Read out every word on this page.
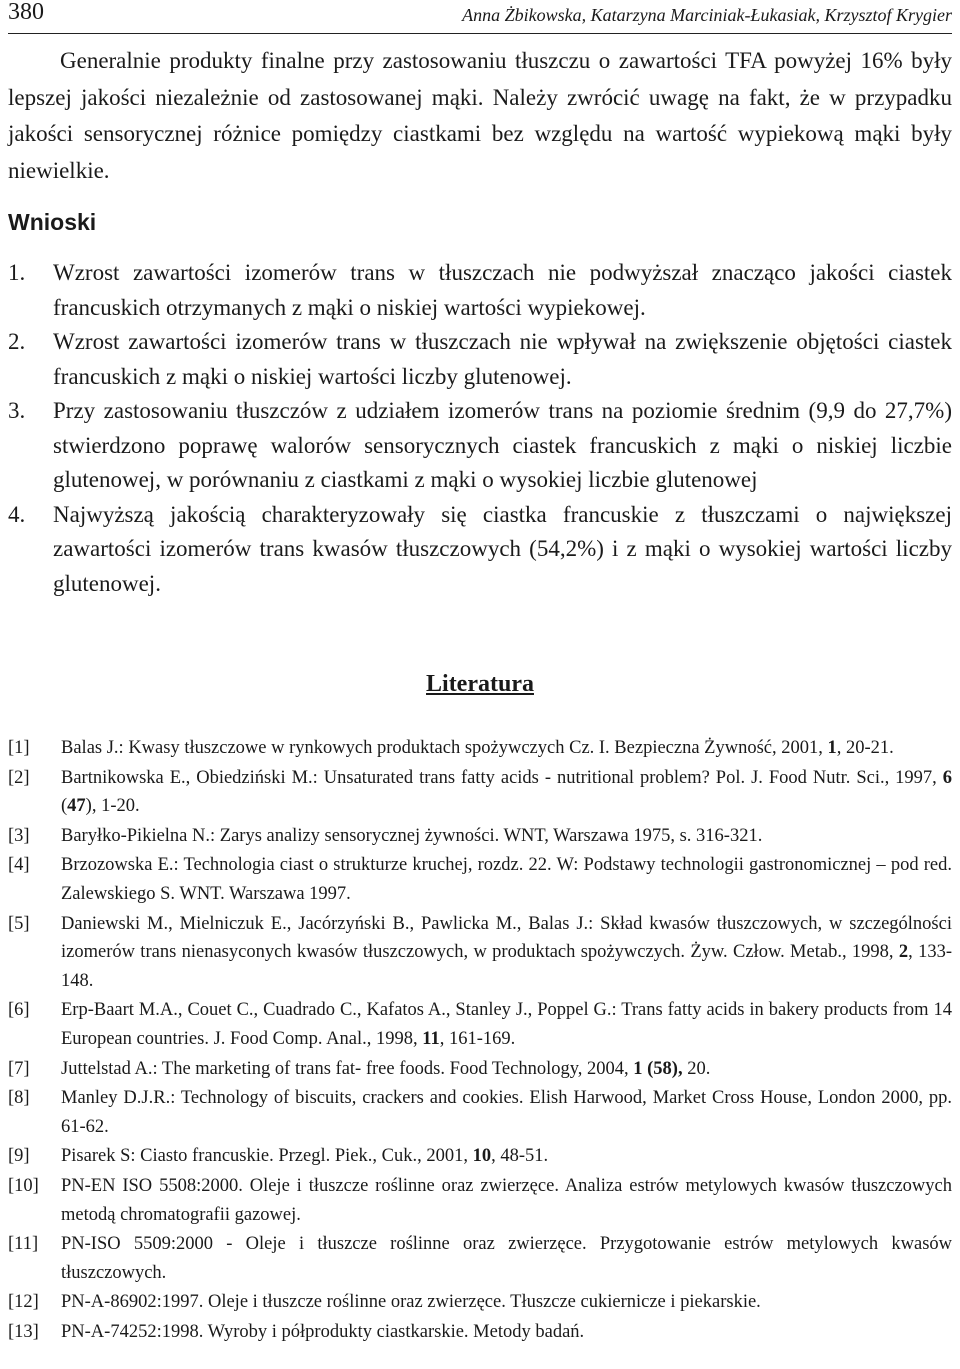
380	Anna Żbikowska, Katarzyna Marciniak-Łukasiak, Krzysztof Krygier

Generalnie produkty finalne przy zastosowaniu tłuszczu o zawartości TFA powyżej 16% były lepszej jakości niezależnie od zastosowanej mąki. Należy zwrócić uwagę na fakt, że w przypadku jakości sensorycznej różnice pomiędzy ciastkami bez względu na wartość wypiekową mąki były niewielkie.

Wnioski
1. Wzrost zawartości izomerów trans w tłuszczach nie podwyższał znacząco jakości ciastek francuskich otrzymanych z mąki o niskiej wartości wypiekowej.
2. Wzrost zawartości izomerów trans w tłuszczach nie wpływał na zwiększenie objętości ciastek francuskich z mąki o niskiej wartości liczby glutenowej.
3. Przy zastosowaniu tłuszczów z udziałem izomerów trans na poziomie średnim (9,9 do 27,7%) stwierdzono poprawę walorów sensorycznych ciastek francuskich z mąki o niskiej liczbie glutenowej, w porównaniu z ciastkami z mąki o wysokiej liczbie glutenowej
4. Najwyższą jakością charakteryzowały się ciastka francuskie z tłuszczami o największej zawartości izomerów trans kwasów tłuszczowych (54,2%) i z mąki o wysokiej wartości liczby glutenowej.
Literatura
[1] Balas J.: Kwasy tłuszczowe w rynkowych produktach spożywczych Cz. I. Bezpieczna Żywność, 2001, 1, 20-21.
[2] Bartnikowska E., Obiedziński M.: Unsaturated trans fatty acids - nutritional problem? Pol. J. Food Nutr. Sci., 1997, 6 (47), 1-20.
[3] Baryłko-Pikielna N.: Zarys analizy sensorycznej żywności. WNT, Warszawa 1975, s. 316-321.
[4] Brzozowska E.: Technologia ciast o strukturze kruchej, rozdz. 22. W: Podstawy technologii gastronomicznej – pod red. Zalewskiego S. WNT. Warszawa 1997.
[5] Daniewski M., Mielniczuk E., Jacórzyński B., Pawlicka M., Balas J.: Skład kwasów tłuszczowych, w szczególności izomerów trans nienasyconych kwasów tłuszczowych, w produktach spożywczych. Żyw. Człow. Metab., 1998, 2, 133-148.
[6] Erp-Baart M.A., Couet C., Cuadrado C., Kafatos A., Stanley J., Poppel G.: Trans fatty acids in bakery products from 14 European countries. J. Food Comp. Anal., 1998, 11, 161-169.
[7] Juttelstad A.: The marketing of trans fat- free foods. Food Technology, 2004, 1 (58), 20.
[8] Manley D.J.R.: Technology of biscuits, crackers and cookies. Elish Harwood, Market Cross House, London 2000, pp. 61-62.
[9] Pisarek S: Ciasto francuskie. Przegl. Piek., Cuk., 2001, 10, 48-51.
[10] PN-EN ISO 5508:2000. Oleje i tłuszcze roślinne oraz zwierzęce. Analiza estrów metylowych kwasów tłuszczowych metodą chromatografii gazowej.
[11] PN-ISO 5509:2000 - Oleje i tłuszcze roślinne oraz zwierzęce. Przygotowanie estrów metylowych kwasów tłuszczowych.
[12] PN-A-86902:1997. Oleje i tłuszcze roślinne oraz zwierzęce. Tłuszcze cukiernicze i piekarskie.
[13] PN-A-74252:1998. Wyroby i półprodukty ciastkarskie. Metody badań.
